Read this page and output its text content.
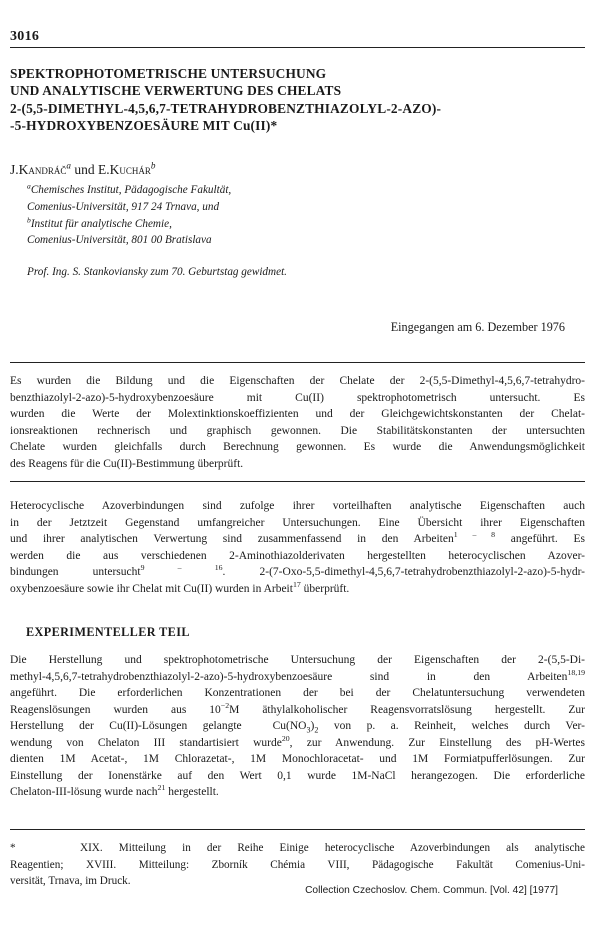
3016
SPEKTROPHOTOMETRISCHE UNTERSUCHUNG
UND ANALYTISCHE VERWERTUNG DES CHELATS
2-(5,5-DIMETHYL-4,5,6,7-TETRAHYDROBENZTHIAZOLYL-2-AZO)-
-5-HYDROXYBENZOESÄURE MIT Cu(II)*
J.Kandráč$^a$ und E.Kuchár$^b$
$^a$Chemisches Institut, Pädagogische Fakultät,
Comenius-Universität, 917 24 Trnava, und
$^b$Institut für analytische Chemie,
Comenius-Universität, 801 00 Bratislava
Prof. Ing. S. Stankoviansky zum 70. Geburtstag gewidmet.
Eingegangen am 6. Dezember 1976
Es wurden die Bildung und die Eigenschaften der Chelate der 2-(5,5-Dimethyl-4,5,6,7-tetrahydro-
benzthiazolyl-2-azo)-5-hydroxybenzoesäure mit Cu(II) spektrophotometrisch untersucht. Es
wurden die Werte der Molextinktionskoeffizienten und der Gleichgewichtskonstanten der Chelat-
ionsreaktionen rechnerisch und graphisch gewonnen. Die Stabilitätskonstanten der untersuchten
Chelate wurden gleichfalls durch Berechnung gewonnen. Es wurde die Anwendungsmöglichkeit
des Reagens für die Cu(II)-Bestimmung überprüft.
Heterocyclische Azoverbindungen sind zufolge ihrer vorteilhaften analytische Eigenschaften auch
in der Jetztzeit Gegenstand umfangreicher Untersuchungen. Eine Übersicht ihrer Eigenschaften
und ihrer analytischen Verwertung sind zusammenfassend in den Arbeiten$^{1 - 8}$ angeführt. Es
werden die aus verschiedenen 2-Aminothiazolderivaten hergestellten heterocyclischen Azover-
bindungen untersucht$^{9 - 16}$. 2-(7-Oxo-5,5-dimethyl-4,5,6,7-tetrahydrobenzthiazolyl-2-azo)-5-hydr-
oxybenzoesäure sowie ihr Chelat mit Cu(II) wurden in Arbeit$^{17}$ überprüft.
EXPERIMENTELLER TEIL
Die Herstellung und spektrophotometrische Untersuchung der Eigenschaften der 2-(5,5-Di-
methyl-4,5,6,7-tetrahydrobenzthiazolyl-2-azo)-5-hydroxybenzoesäure sind in den Arbeiten$^{18,19}$
angeführt. Die erforderlichen Konzentrationen der bei der Chelatuntersuchung verwendeten
Reagenslösungen wurden aus $10^{-2}M$ äthylalkoholischer Reagensvorratslösung hergestellt. Zur
Herstellung der Cu(II)-Lösungen gelangte  $Cu(NO_3)_2$ von p. a. Reinheit, welches durch Ver-
wendung von Chelaton III standartisiert wurde$^{20}$, zur Anwendung. Zur Einstellung des pH-Wertes
dienten 1M Acetat-, 1M Chlorazetat-, 1M Monochloracetat- und 1M Formiatpufferlösungen. Zur
Einstellung der Ionenstärke auf den Wert 0,1 wurde 1M-NaCl herangezogen. Die erforderliche
Chelaton-III-lösung wurde nach$^{21}$ hergestellt.
*    XIX. Mitteilung in der Reihe Einige heterocyclische Azoverbindungen als analytische
Reagentien; XVIII. Mitteilung: Zborník Chémia VIII, Pädagogische Fakultät Comenius-Uni-
versität, Trnava, im Druck.
Collection Czechoslov. Chem. Commun. [Vol. 42] [1977]
